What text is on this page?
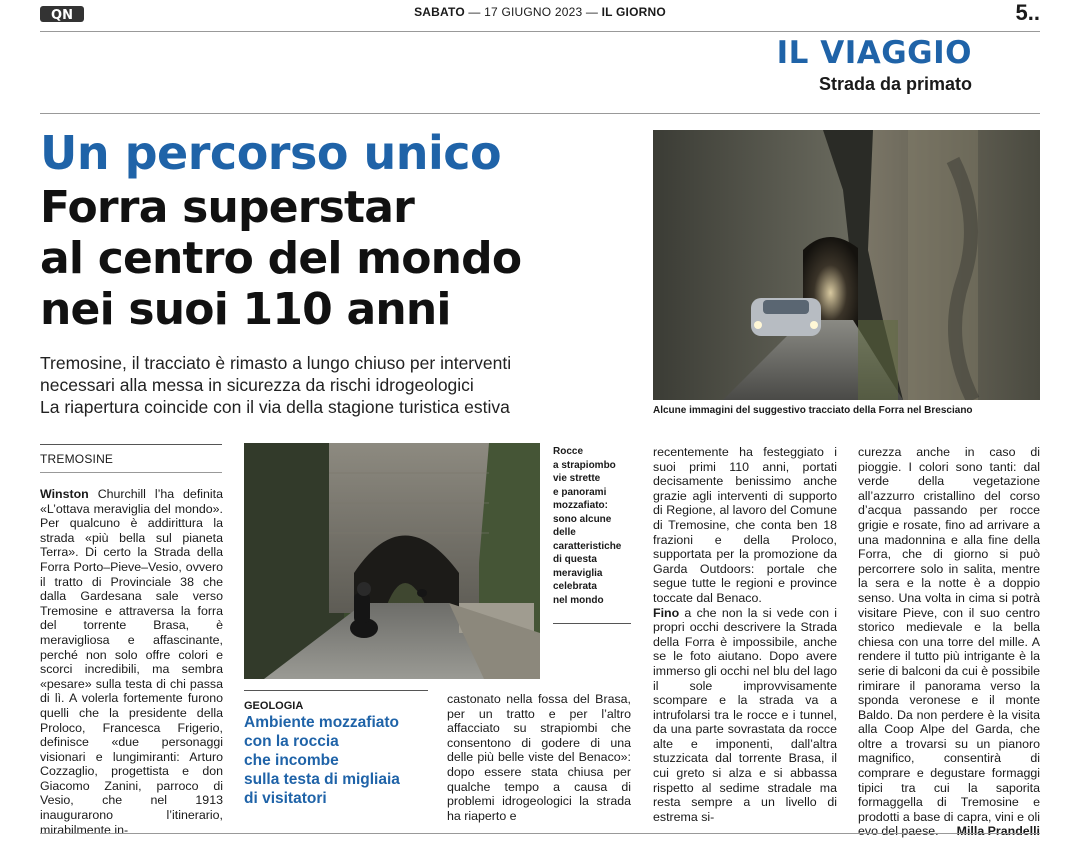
QN	SABATO — 17 GIUGNO 2023 — IL GIORNO	5..
IL VIAGGIO
Strada da primato
Un percorso unico
Forra superstar
al centro del mondo
nei suoi 110 anni
Tremosine, il tracciato è rimasto a lungo chiuso per interventi
necessari alla messa in sicurezza da rischi idrogeologici
La riapertura coincide con il via della stagione turistica estiva	Alcune immagini del suggestivo tracciato della Forra nel Bresciano
TREMOSINE
Winston Churchill l’ha definita «L’ottava meraviglia del mondo». Per qualcuno è addirittura la strada «più bella sul pianeta Terra». Di certo la Strada della Forra Porto–Pieve–Vesio, ovvero il tratto di Provinciale 38 che dalla Gardesana sale verso Tremosine e attraversa la forra del torrente Brasa, è meravigliosa e affascinante, perché non solo offre colori e scorci incredibili, ma sembra «pesare» sulla testa di chi passa di lì. A volerla fortemente furono quelli che la presidente della Proloco, Francesca Frigerio, definisce «due personaggi visionari e lungimiranti: Arturo Cozzaglio, progettista e don Giacomo Zanini, parroco di Vesio, che nel 1913 inaugurarono l’itinerario, mirabilmente in-
Rocce
a strapiombo
vie strette
e panorami
mozzafiato:
sono alcune
delle
caratteristiche
di questa
meraviglia
celebrata
nel mondo
GEOLOGIA
Ambiente mozzafiato
con la roccia
che incombe
sulla testa di migliaia
di visitatori
castonato nella fossa del Brasa, per un tratto e per l’altro affacciato su strapiombi che consentono di godere di una delle più belle viste del Benaco»: dopo essere stata chiusa per qualche tempo a causa di problemi idrogeologici la strada ha riaperto e
recentemente ha festeggiato i suoi primi 110 anni, portati decisamente benissimo anche grazie agli interventi di supporto di Regione, al lavoro del Comune di Tremosine, che conta ben 18 frazioni e della Proloco, supportata per la promozione da Garda Outdoors: portale che segue tutte le regioni e province toccate dal Benaco.
Fino a che non la si vede con i propri occhi descrivere la Strada della Forra è impossibile, anche se le foto aiutano. Dopo avere immerso gli occhi nel blu del lago il sole improvvisamente scompare e la strada va a intrufolarsi tra le rocce e i tunnel, da una parte sovrastata da rocce alte e imponenti, dall’altra stuzzicata dal torrente Brasa, il cui greto si alza e si abbassa rispetto al sedime stradale ma resta sempre a un livello di estrema si-
curezza anche in caso di pioggie. I colori sono tanti: dal verde della vegetazione all’azzurro cristallino del corso d’acqua passando per rocce grigie e rosate, fino ad arrivare a una madonnina e alla fine della Forra, che di giorno si può percorrere solo in salita, mentre la sera e la notte è a doppio senso. Una volta in cima si potrà visitare Pieve, con il suo centro storico medievale e la bella chiesa con una torre del mille. A rendere il tutto più intrigante è la serie di balconi da cui è possibile rimirare il panorama verso la sponda veronese e il monte Baldo. Da non perdere è la visita alla Coop Alpe del Garda, che oltre a trovarsi su un pianoro magnifico, consentirà di comprare e degustare formaggi tipici tra cui la saporita formaggella di Tremosine e prodotti a base di capra, vini e oli evo del paese.	Milla Prandelli
